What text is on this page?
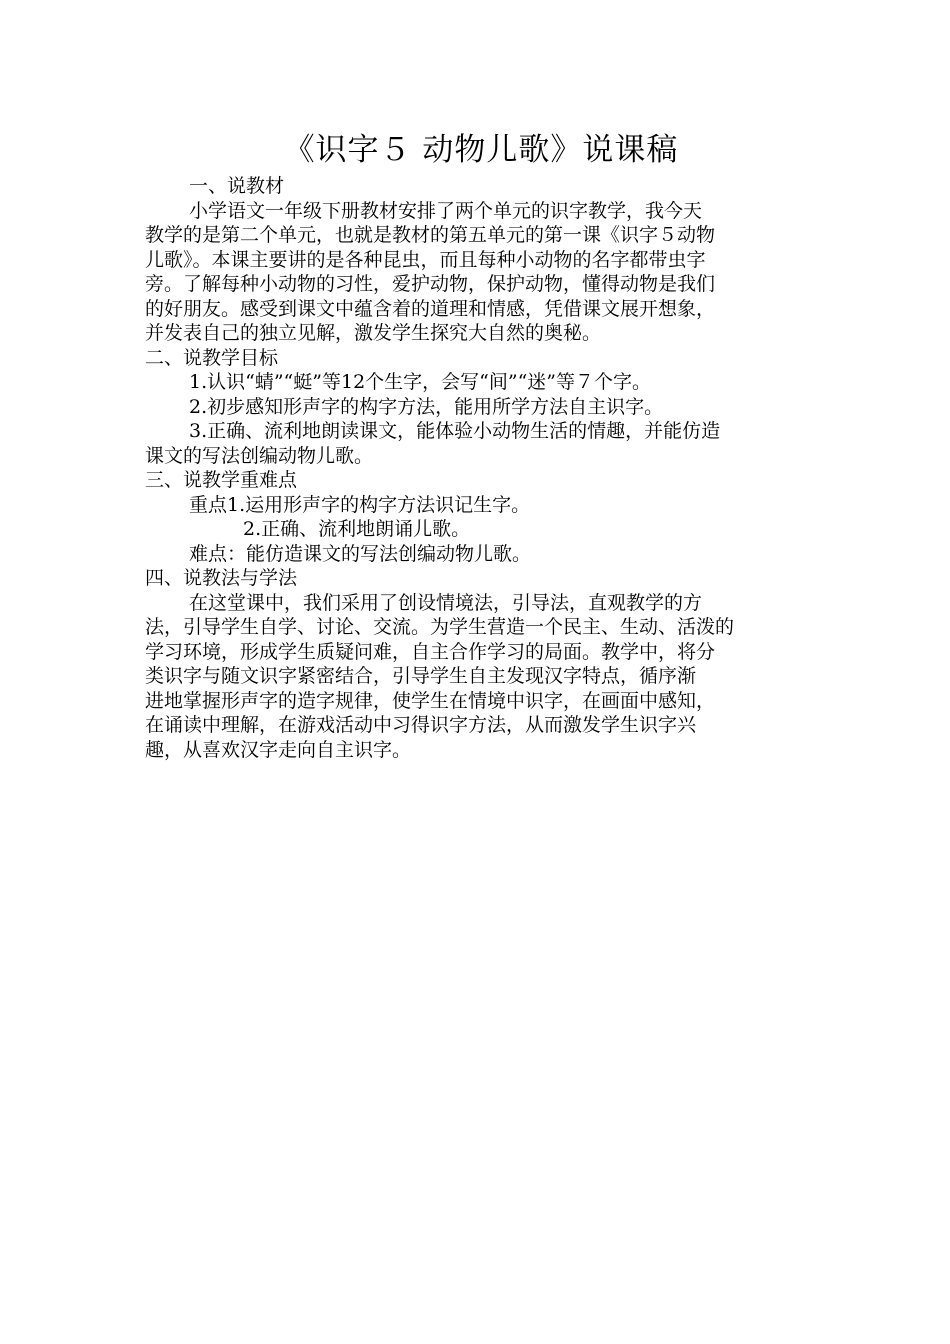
《识字５ 动物儿歌》说课稿

一、说教材

小学语文一年级下册教材安排了两个单元的识字教学，我今天

教学的是第二个单元，也就是教材的第五单元的第一课《识字５动物

儿歌》。本课主要讲的是各种昆虫，而且每种小动物的名字都带虫字

旁。了解每种小动物的习性，爱护动物，保护动物，懂得动物是我们

的好朋友。感受到课文中蕴含着的道理和情感，凭借课文展开想象，

并发表自己的独立见解，激发学生探究大自然的奥秘。

二、说教学目标

1.认识“蜻”“蜓”等12个生字，会写“间”“迷”等７个字。

2.初步感知形声字的构字方法，能用所学方法自主识字。

3.正确、流利地朗读课文，能体验小动物生活的情趣，并能仿造

课文的写法创编动物儿歌。

三、说教学重难点

重点1.运用形声字的构字方法识记生字。

2.正确、流利地朗诵儿歌。

难点：能仿造课文的写法创编动物儿歌。

四、说教法与学法

在这堂课中，我们采用了创设情境法，引导法，直观教学的方

法，引导学生自学、讨论、交流。为学生营造一个民主、生动、活泼的

学习环境，形成学生质疑问难，自主合作学习的局面。教学中，将分

类识字与随文识字紧密结合，引导学生自主发现汉字特点，循序渐

进地掌握形声字的造字规律，使学生在情境中识字，在画面中感知，

在诵读中理解，在游戏活动中习得识字方法，从而激发学生识字兴

趣，从喜欢汉字走向自主识字。
